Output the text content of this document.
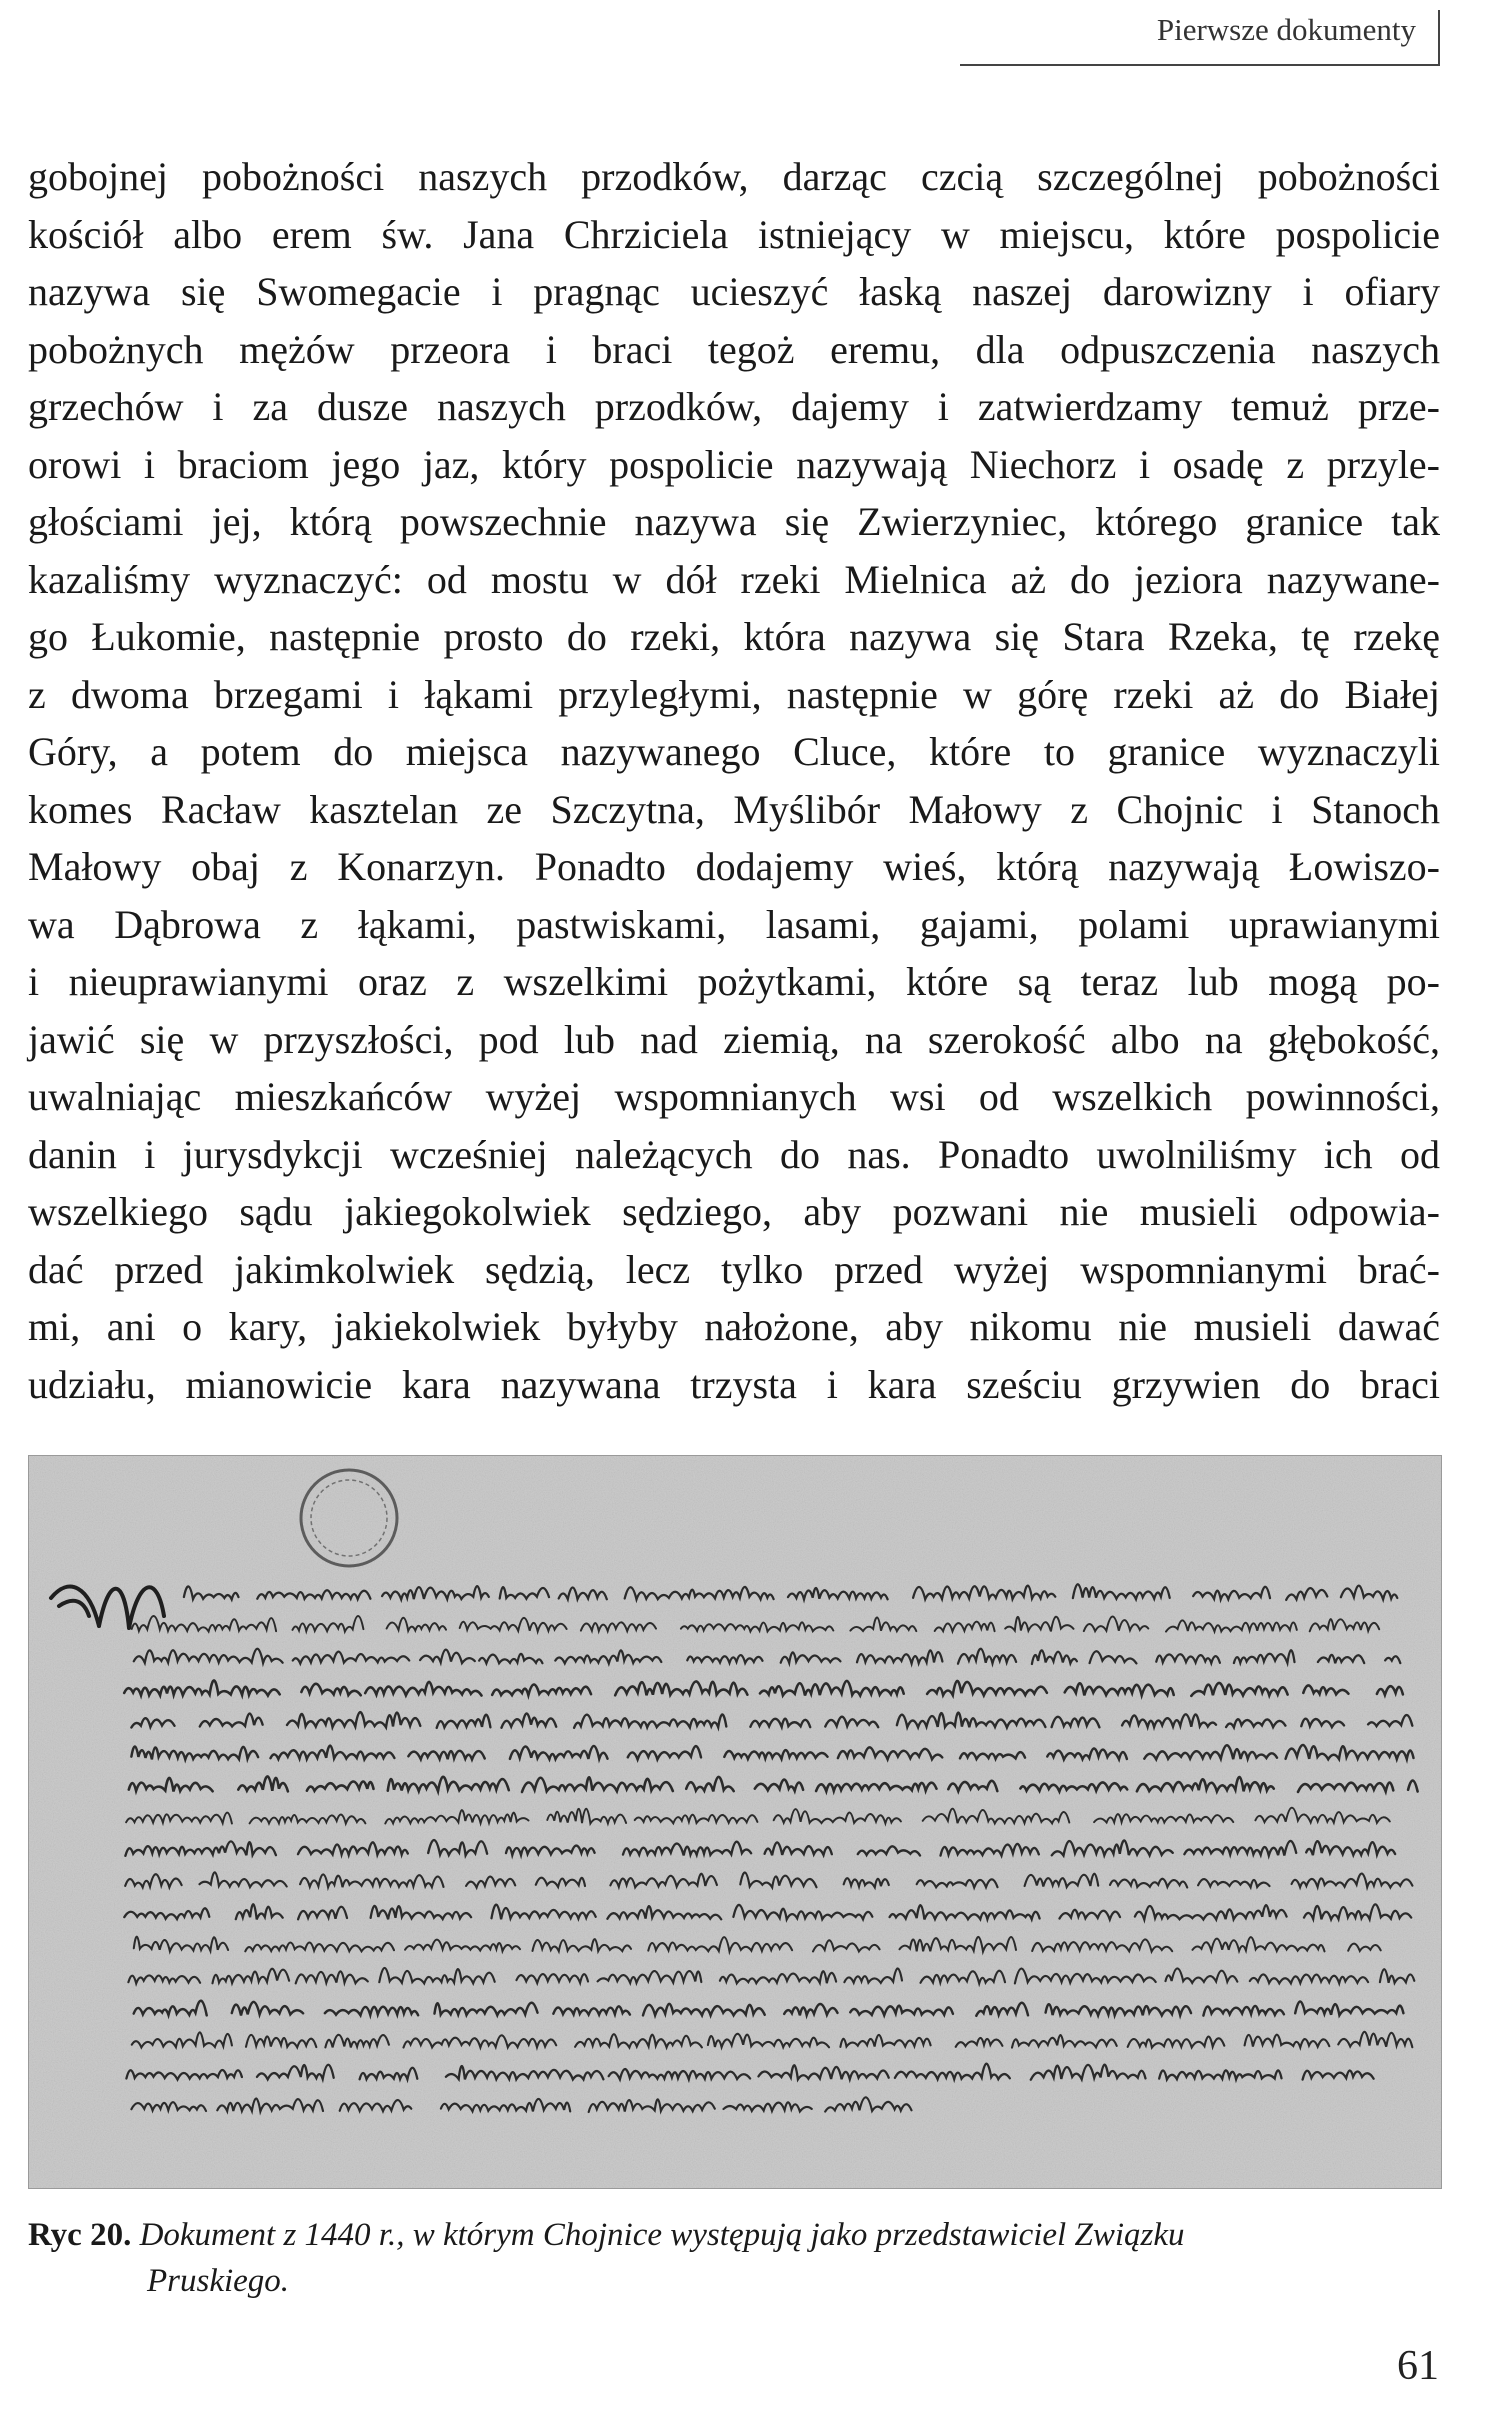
Pierwsze dokumenty
gobojnej pobożności naszych przodków, darząc czcią szczególnej pobożności
kościół albo erem św. Jana Chrziciela istniejący w miejscu, które pospolicie
nazywa się Swomegacie i pragnąc ucieszyć łaską naszej darowizny i ofiary
pobożnych mężów przeora i braci tegoż eremu, dla odpuszczenia naszych
grzechów i za dusze naszych przodków, dajemy i zatwierdzamy temuż prze-
orowi i braciom jego jaz, który pospolicie nazywają Niechorz i osadę z przyle-
głościami jej, którą powszechnie nazywa się Zwierzyniec, którego granice tak
kazaliśmy wyznaczyć: od mostu w dół rzeki Mielnica aż do jeziora nazywane-
go Łukomie, następnie prosto do rzeki, która nazywa się Stara Rzeka, tę rzekę
z dwoma brzegami i łąkami przyległymi, następnie w górę rzeki aż do Białej
Góry, a potem do miejsca nazywanego Cluce, które to granice wyznaczyli
komes Racław kasztelan ze Szczytna, Myślibór Małowy z Chojnic i Stanoch
Małowy obaj z Konarzyn. Ponadto dodajemy wieś, którą nazywają Łowiszo-
wa Dąbrowa z łąkami, pastwiskami, lasami, gajami, polami uprawianymi
i nieuprawianymi oraz z wszelkimi pożytkami, które są teraz lub mogą po-
jawić się w przyszłości, pod lub nad ziemią, na szerokość albo na głębokość,
uwalniając mieszkańców wyżej wspomnianych wsi od wszelkich powinności,
danin i jurysdykcji wcześniej należących do nas. Ponadto uwolniliśmy ich od
wszelkiego sądu jakiegokolwiek sędziego, aby pozwani nie musieli odpowia-
dać przed jakimkolwiek sędzią, lecz tylko przed wyżej wspomnianymi brać-
mi, ani o kary, jakiekolwiek byłyby nałożone, aby nikomu nie musieli dawać
udziału, mianowicie kara nazywana trzysta i kara sześciu grzywien do braci
Ryc 20. Dokument z 1440 r., w którym Chojnice występują jako przedstawiciel Związku
Pruskiego.
61
